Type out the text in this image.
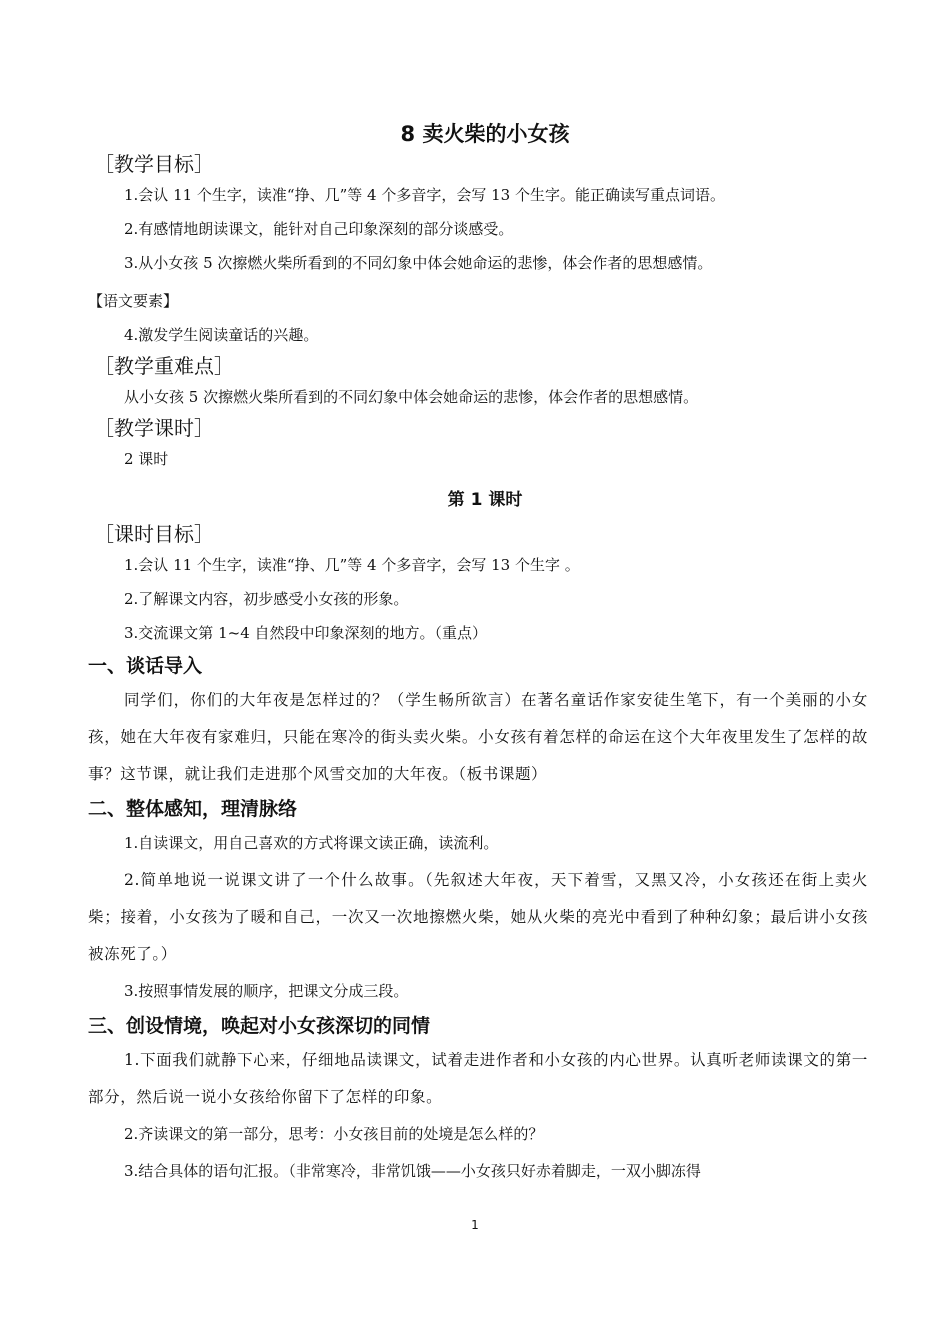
8 卖火柴的小女孩
［教学目标］
1.会认 11 个生字，读准“挣、几”等 4 个多音字，会写 13 个生字。能正确读写重点词语。
2.有感情地朗读课文，能针对自己印象深刻的部分谈感受。
3.从小女孩 5 次擦燃火柴所看到的不同幻象中体会她命运的悲惨，体会作者的思想感情。
【语文要素】
4.激发学生阅读童话的兴趣。
［教学重难点］
从小女孩 5 次擦燃火柴所看到的不同幻象中体会她命运的悲惨，体会作者的思想感情。
［教学课时］
2 课时
第 1 课时
［课时目标］
1.会认 11 个生字，读准“挣、几”等 4 个多音字，会写 13 个生字 。
2.了解课文内容，初步感受小女孩的形象。
3.交流课文第 1~4 自然段中印象深刻的地方。（重点）
一、谈话导入

同学们，你们的大年夜是怎样过的？（学生畅所欲言）在著名童话作家安徒生笔下，有一个美丽的小女孩，她在大年夜有家难归，只能在寒冷的街头卖火柴。小女孩有着怎样的命运在这个大年夜里发生了怎样的故事？这节课，就让我们走进那个风雪交加的大年夜。（板书课题）

二、整体感知，理清脉络
1.自读课文，用自己喜欢的方式将课文读正确，读流利。

2.简单地说一说课文讲了一个什么故事。（先叙述大年夜，天下着雪，又黑又冷，小女孩还在街上卖火柴；接着，小女孩为了暖和自己，一次又一次地擦燃火柴，她从火柴的亮光中看到了种种幻象；最后讲小女孩被冻死了。）

3.按照事情发展的顺序，把课文分成三段。
三、创设情境，唤起对小女孩深切的同情

1.下面我们就静下心来，仔细地品读课文，试着走进作者和小女孩的内心世界。认真听老师读课文的第一部分，然后说一说小女孩给你留下了怎样的印象。

2.齐读课文的第一部分，思考：小女孩目前的处境是怎么样的？
3.结合具体的语句汇报。（非常寒冷，非常饥饿——小女孩只好赤着脚走，一双小脚冻得
1
